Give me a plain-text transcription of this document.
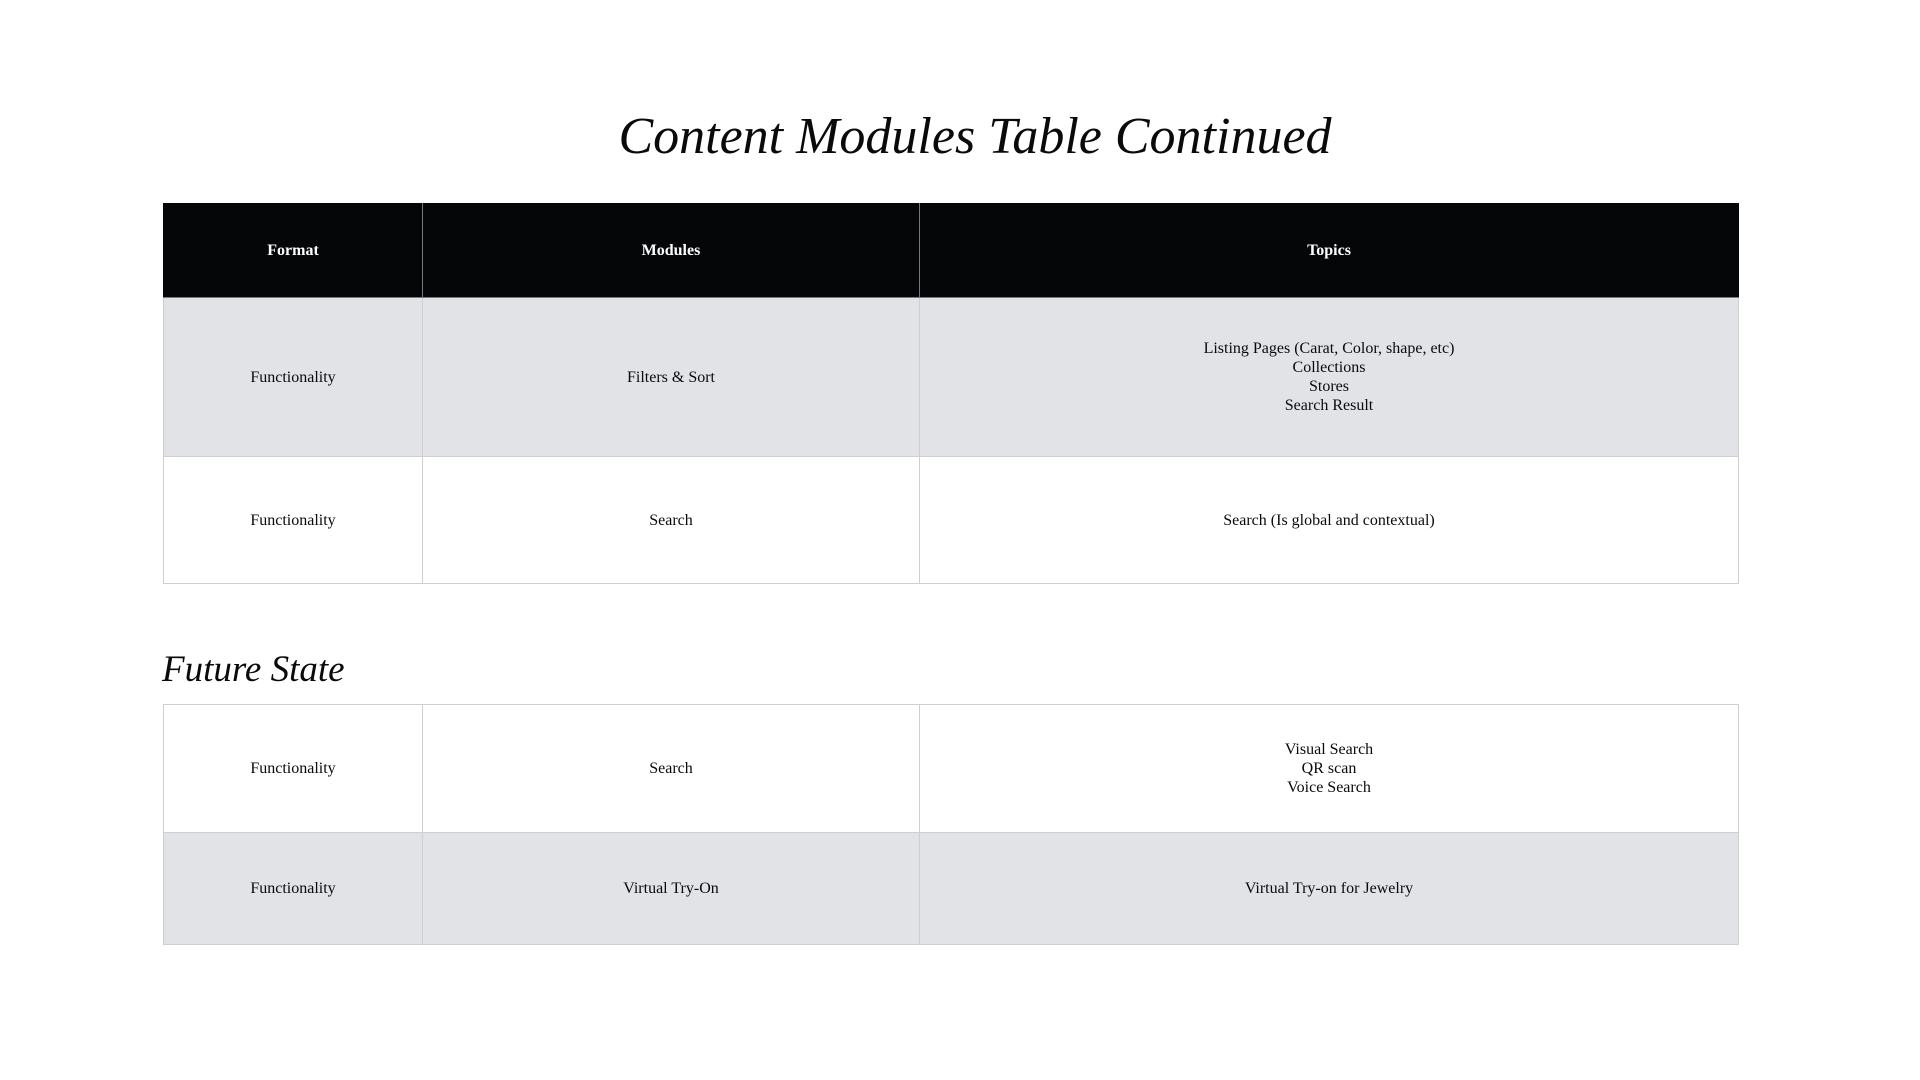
Content Modules Table Continued
Format	Modules	Topics
Functionality	Filters & Sort	Listing Pages (Carat, Color, shape, etc)
Collections
Stores
Search Result

Functionality	Search	Search (Is global and contextual)
Future State
Functionality	Search	Visual Search
QR scan
Voice Search

Functionality	Virtual Try-On	Virtual Try-on for Jewelry
